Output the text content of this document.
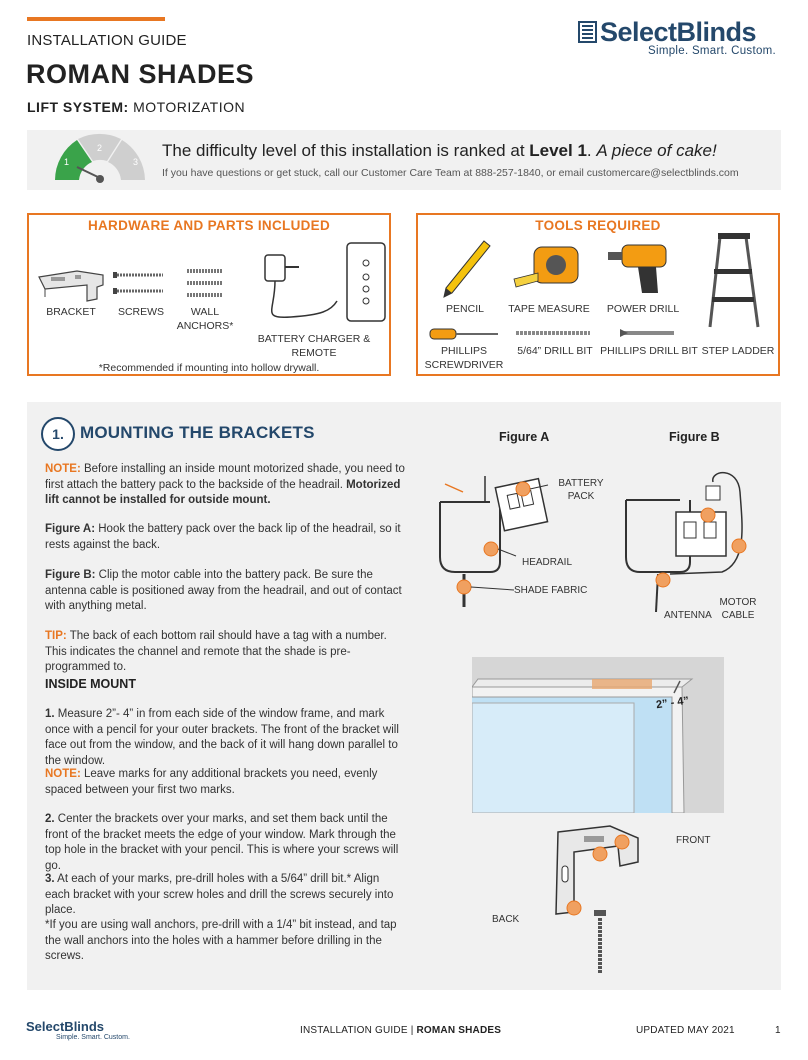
INSTALLATION GUIDE
ROMAN SHADES
LIFT SYSTEM: MOTORIZATION
SelectBlinds
Simple. Smart. Custom.
1
2
3
The difficulty level of this installation is ranked at Level 1. A piece of cake!
If you have questions or get stuck, call our Customer Care Team at 888-257-1840, or email customercare@selectblinds.com
HARDWARE AND PARTS INCLUDED
BRACKET	SCREWS	WALL
ANCHORS*
BATTERY CHARGER & REMOTE
*Recommended if mounting into hollow drywall.
TOOLS REQUIRED
PENCIL	TAPE MEASURE POWER DRILL
STEP LADDER
PHILLIPS
SCREWDRIVER
5/64” DRILL BIT PHILLIPS DRILL BIT
1. MOUNTING THE BRACKETS
NOTE: Before installing an inside mount motorized shade, you need to first attach the battery pack to the backside of the headrail. Motorized lift cannot be installed for outside mount.
Figure A: Hook the battery pack over the back lip of the headrail, so it rests against the back.
Figure B: Clip the motor cable into the battery pack. Be sure the antenna cable is positioned away from the headrail, and out of contact with anything metal.
TIP: The back of each bottom rail should have a tag with a number. This indicates the channel and remote that the shade is pre-programmed to.
INSIDE MOUNT
1. Measure 2”- 4” in from each side of the window frame, and mark once with a pencil for your outer brackets. The front of the bracket will face out from the window, and the back of it will hang down parallel to the window.
NOTE: Leave marks for any additional brackets you need, evenly spaced between your first two marks.
2. Center the brackets over your marks, and set them back until the front of the bracket meets the edge of your window. Mark through the top hole in the bracket with your pencil. This is where your screws will go.
3. At each of your marks, pre-drill holes with a 5/64” drill bit.* Align each bracket with your screw holes and drill the screws securely into place.
*If you are using wall anchors, pre-drill with a 1/4” bit instead, and tap the wall anchors into the holes with a hammer before drilling in the screws.
Figure A	Figure B
BATTERY
PACK
HEADRAIL
SHADE FABRIC
ANTENNA
MOTOR
CABLE
2” - 4”
FRONT
BACK
SelectBlinds
Simple. Smart. Custom.
INSTALLATION GUIDE | ROMAN SHADES	UPDATED MAY 2021	1
